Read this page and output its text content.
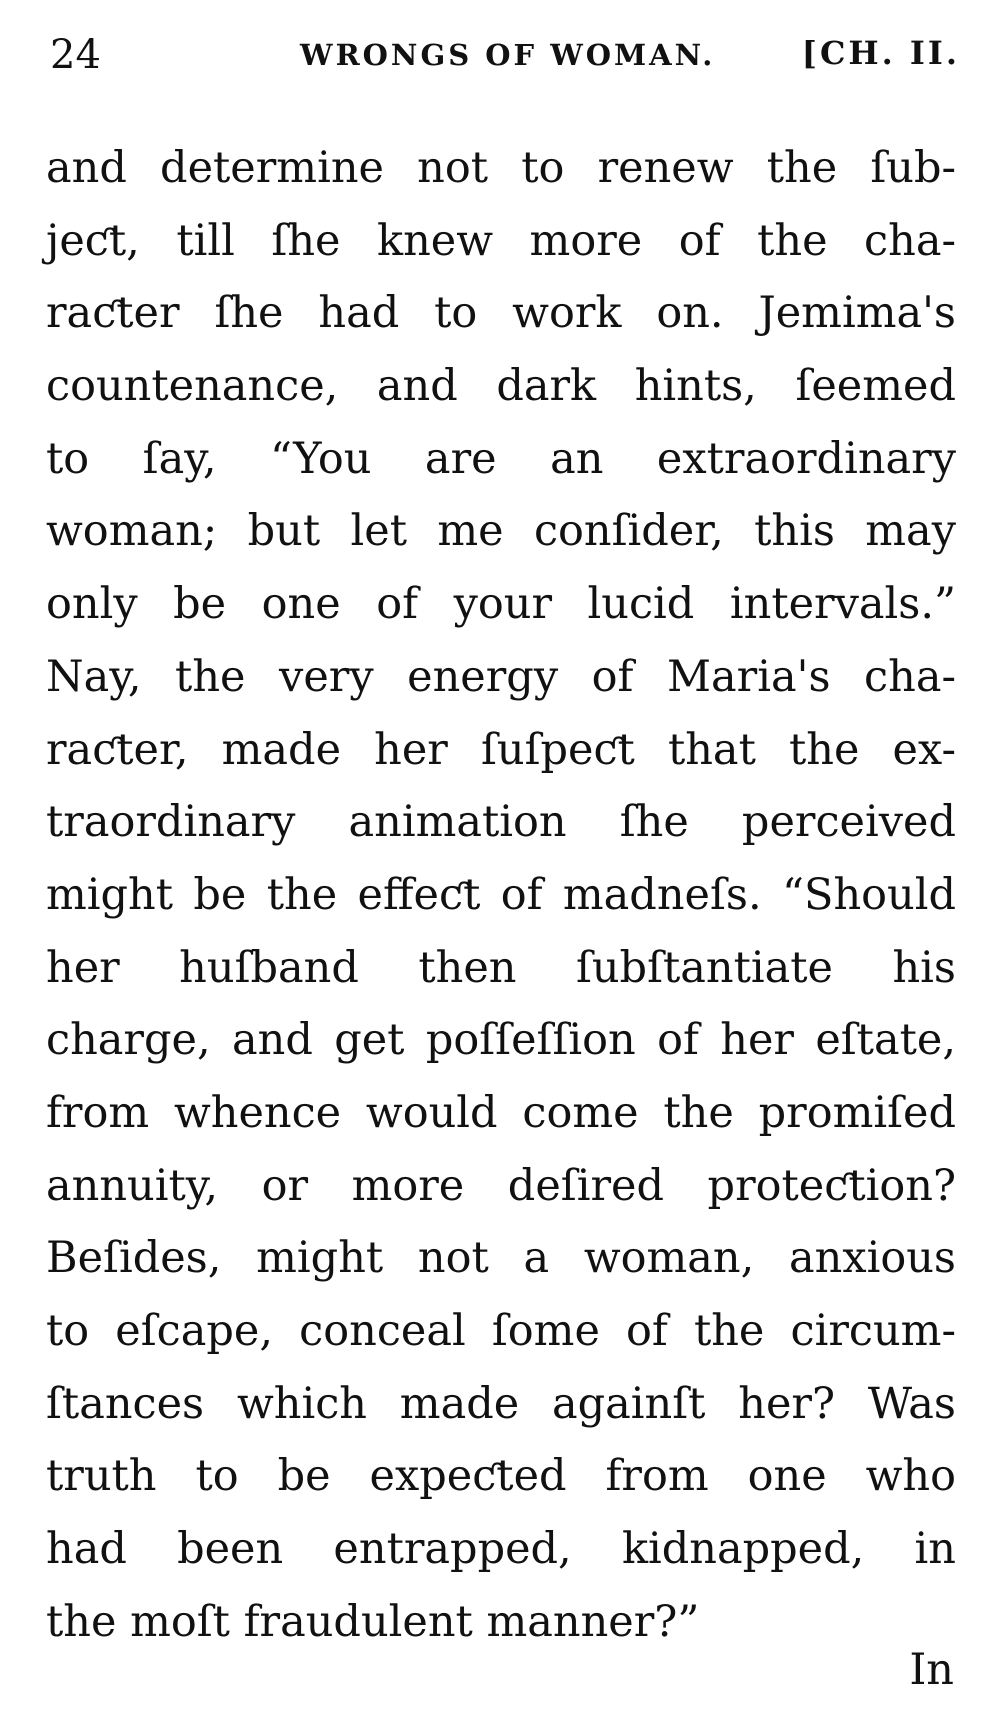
24	WRONGS OF WOMAN.	[CH. II.
and determine not to renew the ſub-
jeƈt, till ſhe knew more of the cha-
raƈter ſhe had to work on. Jemima's
countenance, and dark hints, ſeemed
to ſay, “You are an extraordinary
woman; but let me conſider, this may
only be one of your lucid intervals.”
Nay, the very energy of Maria's cha-
raƈter, made her ſuſpeƈt that the ex-
traordinary animation ſhe perceived
might be the effeƈt of madneſs. “Should
her huſband then ſubſtantiate his
charge, and get poſſeſſion of her eſtate,
from whence would come the promiſed
annuity, or more deſired proteƈtion?
Beſides, might not a woman, anxious
to eſcape, conceal ſome of the circum-
ſtances which made againſt her? Was
truth to be expeƈted from one who
had been entrapped, kidnapped, in
the moſt fraudulent manner?”
In
